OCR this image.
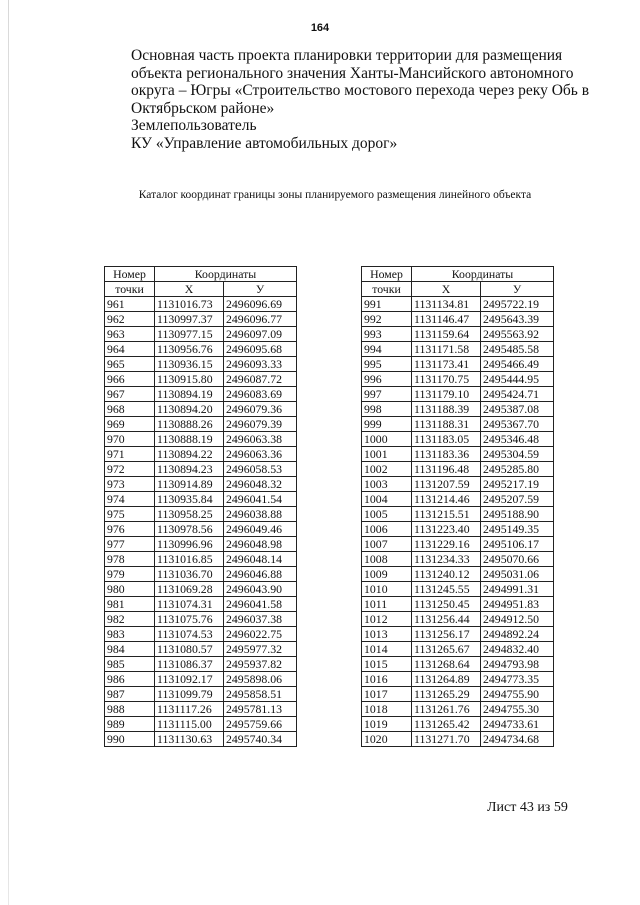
164
Основная часть проекта планировки территории для размещения
объекта регионального значения Ханты-Мансийского автономного
округа – Югры «Строительство мостового перехода через реку Обь в
Октябрьском районе»
Землепользователь
КУ «Управление автомобильных дорог»
Каталог координат границы зоны планируемого размещения линейного объекта
Номер	Координаты	
точки	X	У
961	1131016.73	2496096.69
962	1130997.37	2496096.77
963	1130977.15	2496097.09
964	1130956.76	2496095.68
965	1130936.15	2496093.33
966	1130915.80	2496087.72
967	1130894.19	2496083.69
968	1130894.20	2496079.36
969	1130888.26	2496079.39
970	1130888.19	2496063.38
971	1130894.22	2496063.36
972	1130894.23	2496058.53
973	1130914.89	2496048.32
974	1130935.84	2496041.54
975	1130958.25	2496038.88
976	1130978.56	2496049.46
977	1130996.96	2496048.98
978	1131016.85	2496048.14
979	1131036.70	2496046.88
980	1131069.28	2496043.90
981	1131074.31	2496041.58
982	1131075.76	2496037.38
983	1131074.53	2496022.75
984	1131080.57	2495977.32
985	1131086.37	2495937.82
986	1131092.17	2495898.06
987	1131099.79	2495858.51
988	1131117.26	2495781.13
989	1131115.00	2495759.66
990	1131130.63	2495740.34
Номер	Координаты	
точки	X	У
991	1131134.81	2495722.19
992	1131146.47	2495643.39
993	1131159.64	2495563.92
994	1131171.58	2495485.58
995	1131173.41	2495466.49
996	1131170.75	2495444.95
997	1131179.10	2495424.71
998	1131188.39	2495387.08
999	1131188.31	2495367.70
1000	1131183.05	2495346.48
1001	1131183.36	2495304.59
1002	1131196.48	2495285.80
1003	1131207.59	2495217.19
1004	1131214.46	2495207.59
1005	1131215.51	2495188.90
1006	1131223.40	2495149.35
1007	1131229.16	2495106.17
1008	1131234.33	2495070.66
1009	1131240.12	2495031.06
1010	1131245.55	2494991.31
1011	1131250.45	2494951.83
1012	1131256.44	2494912.50
1013	1131256.17	2494892.24
1014	1131265.67	2494832.40
1015	1131268.64	2494793.98
1016	1131264.89	2494773.35
1017	1131265.29	2494755.90
1018	1131261.76	2494755.30
1019	1131265.42	2494733.61
1020	1131271.70	2494734.68
Лист 43 из 59
